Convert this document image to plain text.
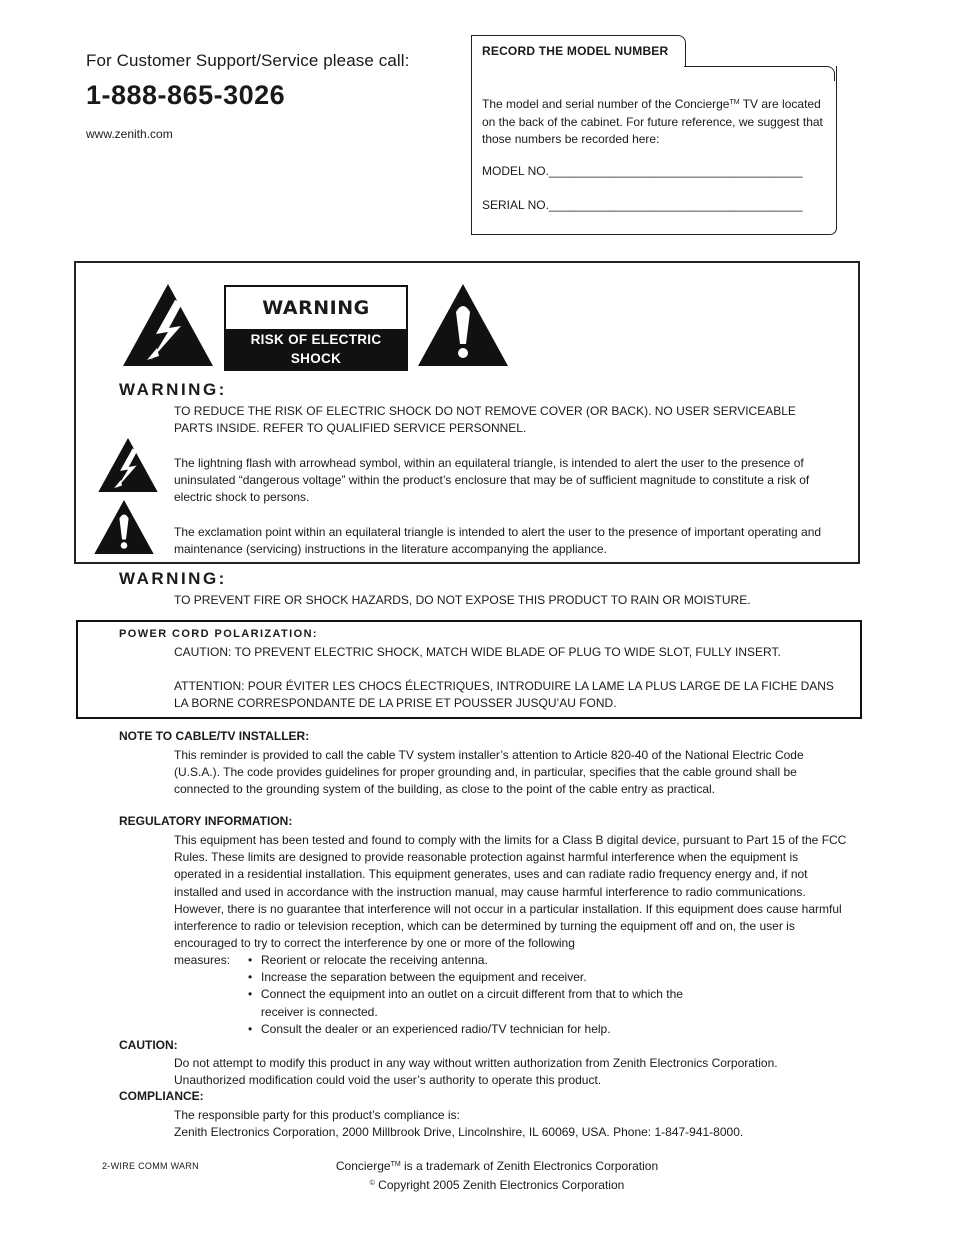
For Customer Support/Service please call:
1-888-865-3026
www.zenith.com
RECORD THE MODEL NUMBER
The model and serial number of the Concierge™ TV are located on the back of the cabinet. For future reference, we suggest that those numbers be recorded here:
MODEL NO.______________________________________
SERIAL NO.______________________________________
WARNING
RISK OF ELECTRIC SHOCK
DO NOT OPEN
WARNING:
TO REDUCE THE RISK OF ELECTRIC SHOCK DO NOT REMOVE COVER (OR BACK). NO USER SERVICEABLE PARTS INSIDE. REFER TO QUALIFIED SERVICE PERSONNEL.
The lightning flash with arrowhead symbol, within an equilateral triangle, is intended to alert the user to the presence of uninsulated “dangerous voltage” within the product’s enclosure that may be of sufficient magnitude to constitute a risk of electric shock to persons.
The exclamation point within an equilateral triangle is intended to alert the user to the presence of important operating and maintenance (servicing) instructions in the literature accompanying the appliance.
WARNING:
TO PREVENT FIRE OR SHOCK HAZARDS, DO NOT EXPOSE THIS PRODUCT TO RAIN OR MOISTURE.
POWER CORD POLARIZATION:
CAUTION: TO PREVENT ELECTRIC SHOCK, MATCH WIDE BLADE OF PLUG TO WIDE SLOT, FULLY INSERT.
ATTENTION: POUR ÉVITER LES CHOCS ÉLECTRIQUES, INTRODUIRE LA LAME LA PLUS LARGE DE LA FICHE DANS LA BORNE CORRESPONDANTE DE LA PRISE ET POUSSER JUSQU’AU FOND.
NOTE TO CABLE/TV INSTALLER:
This reminder is provided to call the cable TV system installer’s attention to Article 820-40 of the National Electric Code (U.S.A.). The code provides guidelines for proper grounding and, in particular, specifies that the cable ground shall be connected to the grounding system of the building, as close to the point of the cable entry as practical.
REGULATORY INFORMATION:
This equipment has been tested and found to comply with the limits for a Class B digital device, pursuant to Part 15 of the FCC Rules. These limits are designed to provide reasonable protection against harmful interference when the equipment is operated in a residential installation. This equipment generates, uses and can radiate radio frequency energy and, if not installed and used in accordance with the instruction manual, may cause harmful interference to radio communications. However, there is no guarantee that interference will not occur in a particular installation. If this equipment does cause harmful interference to radio or television reception, which can be determined by turning the equipment off and on, the user is encouraged to try to correct the interference by one or more of the following
measures: • Reorient or relocate the receiving antenna.
• Increase the separation between the equipment and receiver.
• Connect the equipment into an outlet on a circuit different from that to which the receiver is connected.
• Consult the dealer or an experienced radio/TV technician for help.
CAUTION:
Do not attempt to modify this product in any way without written authorization from Zenith Electronics Corporation. Unauthorized modification could void the user’s authority to operate this product.
COMPLIANCE:
The responsible party for this product’s compliance is:
Zenith Electronics Corporation, 2000 Millbrook Drive, Lincolnshire, IL 60069, USA. Phone: 1-847-941-8000.
2-WIRE COMM WARN	Concierge™ is a trademark of Zenith Electronics Corporation
© Copyright 2005 Zenith Electronics Corporation
